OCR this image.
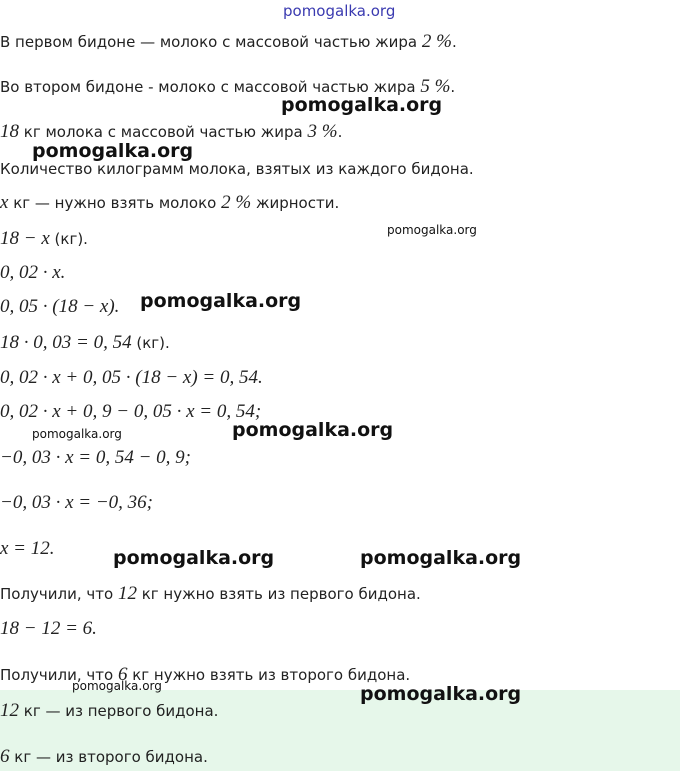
В первом бидоне — молоко с массовой частью жира 2 %.
Во втором бидоне - молоко с массовой частью жира 5 %.
18 кг молока с массовой частью жира 3 %.
Количество килограмм молока, взятых из каждого бидона.
x кг — нужно взять молоко 2 % жирности.
18 − x (кг).
0, 02 · x.
0, 05 · (18 − x).
18 · 0, 03 = 0, 54 (кг).
0, 02 · x + 0, 05 · (18 − x) = 0, 54.
0, 02 · x + 0, 9 − 0, 05 · x = 0, 54;
−0, 03 · x = 0, 54 − 0, 9;
−0, 03 · x = −0, 36;
x = 12.
Получили, что 12 кг нужно взять из первого бидона.
18 − 12 = 6.
Получили, что 6 кг нужно взять из второго бидона.
12 кг — из первого бидона.
6 кг — из второго бидона.
pomogalka.org
pomogalka.org
pomogalka.org
pomogalka.org
pomogalka.org
pomogalka.org	pomogalka.org
pomogalka.org	pomogalka.org
pomogalka.org	pomogalka.org
